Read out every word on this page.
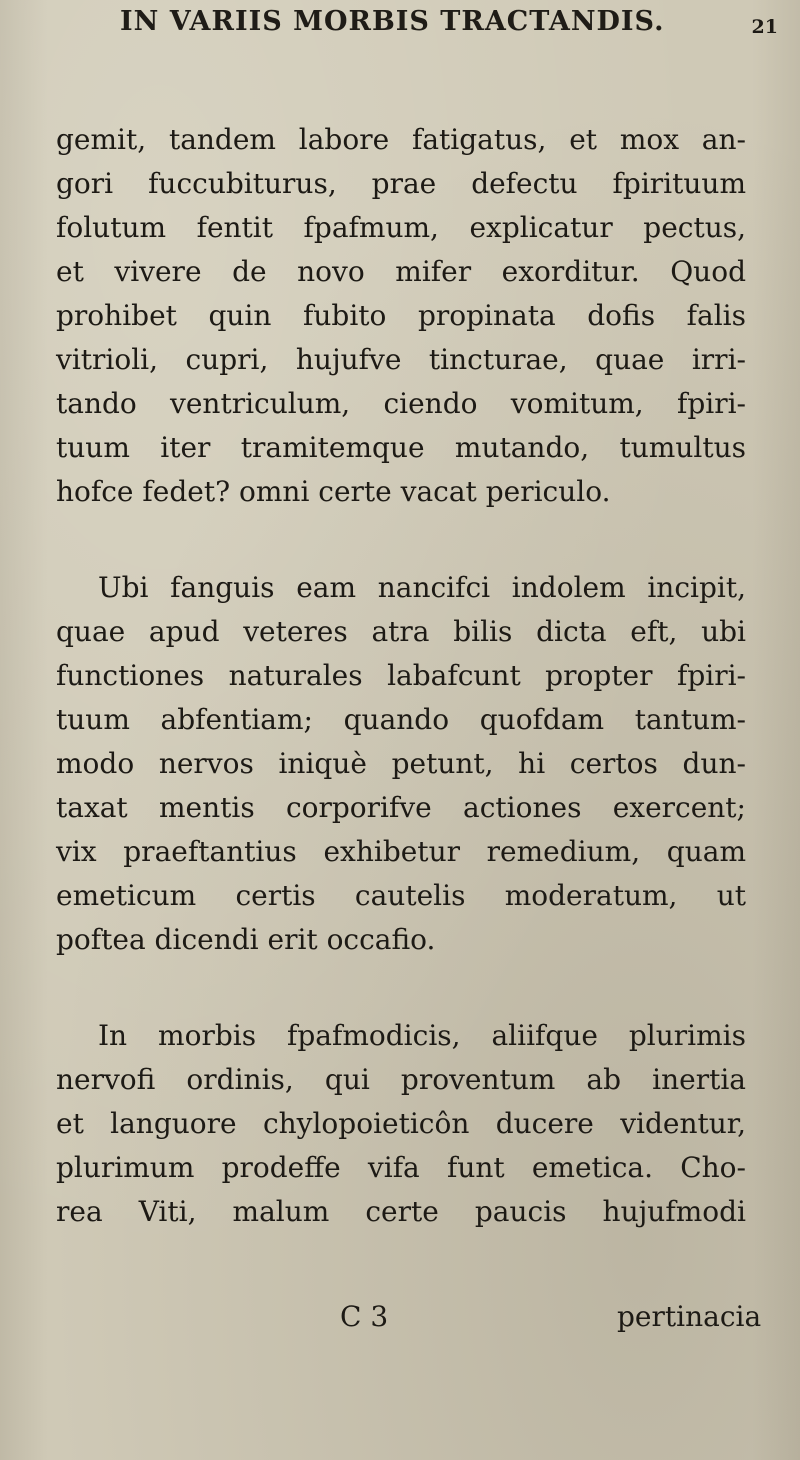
IN VARIIS MORBIS TRACTANDIS.	21
gemit, tandem labore fatigatus, et mox an-
gori fuccubiturus, prae defectu fpirituum
folutum fentit fpafmum, explicatur pectus,
et vivere de novo mifer exorditur. Quod
prohibet quin fubito propinata dofis falis
vitrioli, cupri, hujufve tincturae, quae irri-
tando ventriculum, ciendo vomitum, fpiri-
tuum iter tramitemque mutando, tumultus
hofce fedet? omni certe vacat periculo.
Ubi fanguis eam nancifci indolem incipit,
quae apud veteres atra bilis dicta eft, ubi
functiones naturales labafcunt propter fpiri-
tuum abfentiam; quando quofdam tantum-
modo nervos iniquè petunt, hi certos dun-
taxat mentis corporifve actiones exercent;
vix praeftantius exhibetur remedium, quam
emeticum certis cautelis moderatum, ut
poftea dicendi erit occafio.
In morbis fpafmodicis, aliifque plurimis
nervofi ordinis, qui proventum ab inertia
et languore chylopoieticôn ducere videntur,
plurimum prodeffe vifa funt emetica. Cho-
rea Viti, malum certe paucis hujufmodi
C 3	pertinacia
